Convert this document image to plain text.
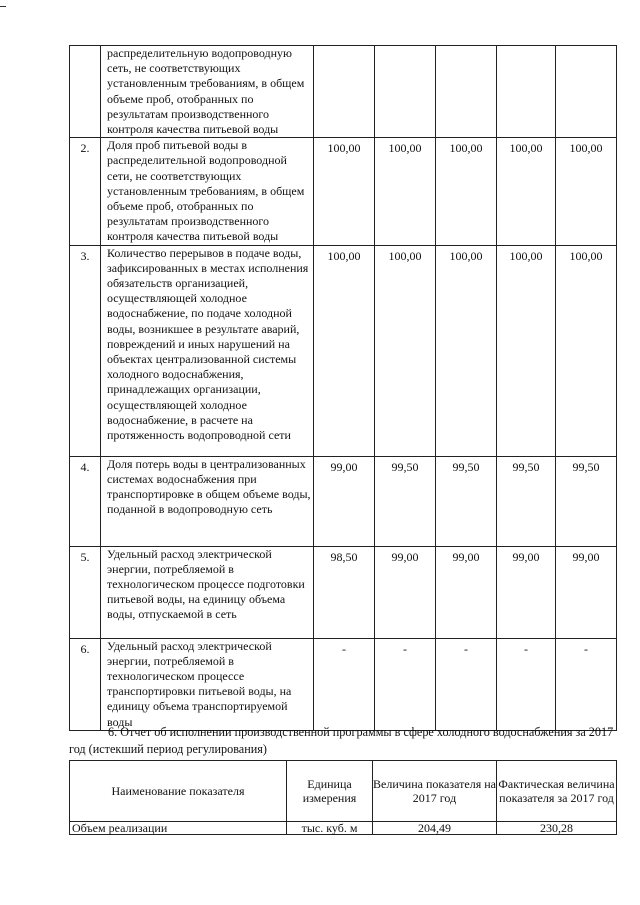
	распределительную водопроводную сеть, не соответствующих установленным требованиям, в общем объеме проб, отобранных по результатам производственного контроля качества питьевой воды					
2.	Доля проб питьевой воды в распределительной водопроводной сети, не соответствующих установленным требованиям, в общем объеме проб, отобранных по результатам производственного контроля качества питьевой воды	100,00	100,00	100,00	100,00	100,00
3.	Количество перерывов в подаче воды, зафиксированных в местах исполнения обязательств организацией, осуществляющей холодное водоснабжение, по подаче холодной воды, возникшее в результате аварий, повреждений и иных нарушений на объектах централизованной системы холодного водоснабжения, принадлежащих организации, осуществляющей холодное водоснабжение, в расчете на протяженность водопроводной сети	100,00	100,00	100,00	100,00	100,00
4.	Доля потерь воды в централизованных системах водоснабжения при транспортировке в общем объеме воды, поданной в водопроводную сеть	99,00	99,50	99,50	99,50	99,50
5.	Удельный расход электрической энергии, потребляемой в технологическом процессе подготовки питьевой воды, на единицу объема воды, отпускаемой в сеть	98,50	99,00	99,00	99,00	99,00
6.	Удельный расход электрической энергии, потребляемой в технологическом процессе транспортировки питьевой воды, на единицу объема транспортируемой воды	-	-	-	-	-
6. Отчет об исполнении производственной программы в сфере холодного водоснабжения за 2017 год (истекший период регулирования)
Наименование показателя	Единица измерения	Величина показателя на 2017 год	Фактическая величина показателя за 2017 год
Объем реализации	тыс. куб. м	204,49	230,28
